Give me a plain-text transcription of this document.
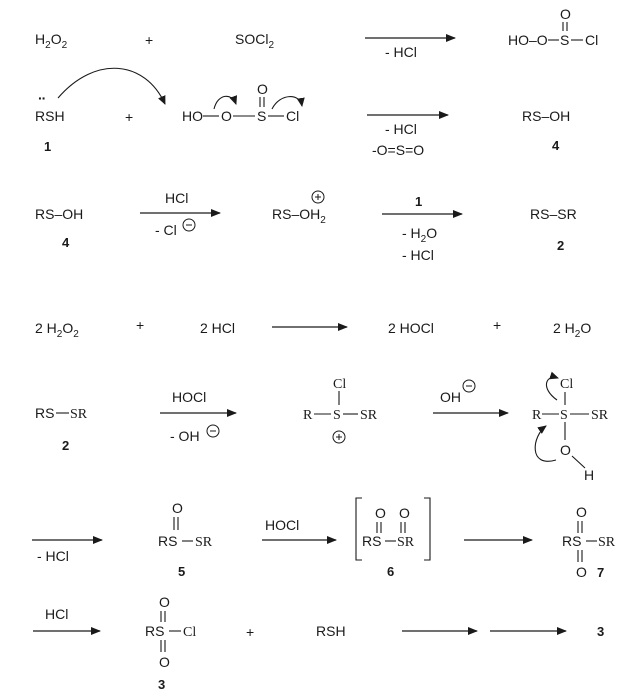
$H_2O_2$	+	SOCl$_2$	- HCl
HO–O S Cl
O
··
RSH
1
+	HO O S Cl
O
- HCl
-O=S=O
RS–OH
4
RS–OH
4
HCl
- Cl
$RS-OH_2$
1
- $H_2O$
- HCl
RS–SR
2
2 $H_2O_2$
+	2 HCl	2 HOCl	+	2 $H_2O$
RS SR
2
HOCl
- OH
Cl
R S SR
OH
Cl
R S SR
O
H
- HCl
O
RS SR
5
HOCl
O O
RS SR
6
O
RS SR
O 7
HCl
O
RS Cl
O
3
+	RSH	3
